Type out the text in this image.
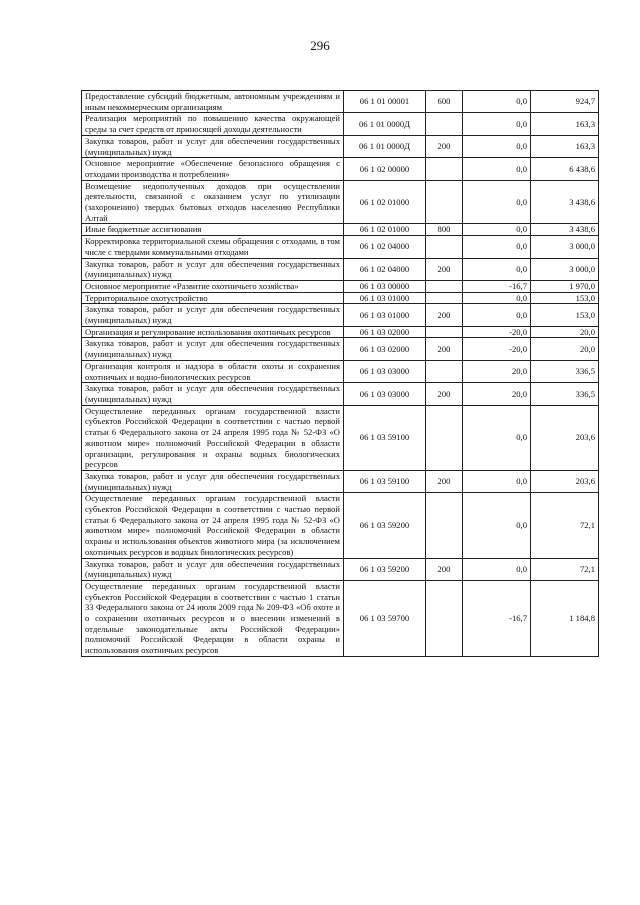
296
Предоставление субсидий бюджетным, автономным учреждениям и иным некоммерческим организациям	06 1 01 00001	600	0,0	924,7
Реализация мероприятий по повышению качества окружающей среды за счет средств от приносящей доходы деятельности	06 1 01 0000Д		0,0	163,3
Закупка товаров, работ и услуг для обеспечения государственных (муниципальных) нужд	06 1 01 0000Д	200	0,0	163,3
Основное мероприятие «Обеспечение безопасного обращения с отходами производства и потребления»	06 1 02 00000		0,0	6 438,6
Возмещение недополученных доходов при осуществлении деятельности, связанной с оказанием услуг по утилизации (захоронению) твердых бытовых отходов населению Республики Алтай	06 1 02 01000		0,0	3 438,6
Иные бюджетные ассигнования	06 1 02 01000	800	0,0	3 438,6
Корректировка территориальной схемы обращения с отходами, в том числе с твердыми коммунальными отходами	06 1 02 04000		0,0	3 000,0
Закупка товаров, работ и услуг для обеспечения государственных (муниципальных) нужд	06 1 02 04000	200	0,0	3 000,0
Основное мероприятие «Развитие охотничьего хозяйства»	06 1 03 00000		-16,7	1 970,0
Территориальное охотустройство	06 1 03 01000		0,0	153,0
Закупка товаров, работ и услуг для обеспечения государственных (муниципальных) нужд	06 1 03 01000	200	0,0	153,0
Организация и регулирование использования охотничьих ресурсов	06 1 03 02000		-20,0	20,0
Закупка товаров, работ и услуг для обеспечения государственных (муниципальных) нужд	06 1 03 02000	200	-20,0	20,0
Организация контроля и надзора в области охоты и сохранения охотничьих и водно-биологических ресурсов	06 1 03 03000		20,0	336,5
Закупка товаров, работ и услуг для обеспечения государственных (муниципальных) нужд	06 1 03 03000	200	20,0	336,5
Осуществление переданных органам государственной власти субъектов Российской Федерации в соответствии с частью первой статьи 6 Федерального закона от 24 апреля 1995 года № 52-ФЗ «О животном мире» полномочий Российской Федерации в области организации, регулирования и охраны водных биологических ресурсов	06 1 03 59100		0,0	203,6
Закупка товаров, работ и услуг для обеспечения государственных (муниципальных) нужд	06 1 03 59100	200	0,0	203,6
Осуществление переданных органам государственной власти субъектов Российской Федерации в соответствии с частью первой статьи 6 Федерального закона от 24 апреля 1995 года № 52-ФЗ «О животном мире» полномочий Российской Федерации в области охраны и использования объектов животного мира (за исключением охотничьих ресурсов и водных биологических ресурсов)	06 1 03 59200		0,0	72,1
Закупка товаров, работ и услуг для обеспечения государственных (муниципальных) нужд	06 1 03 59200	200	0,0	72,1
Осуществление переданных органам государственной власти субъектов Российской Федерации в соответствии с частью 1 статьи 33 Федерального закона от 24 июля 2009 года № 209-ФЗ «Об охоте и о сохранении охотничьих ресурсов и о внесении изменений в отдельные законодательные акты Российской Федерации» полномочий Российской Федерации в области охраны и использования охотничьих ресурсов	06 1 03 59700		-16,7	1 184,8
